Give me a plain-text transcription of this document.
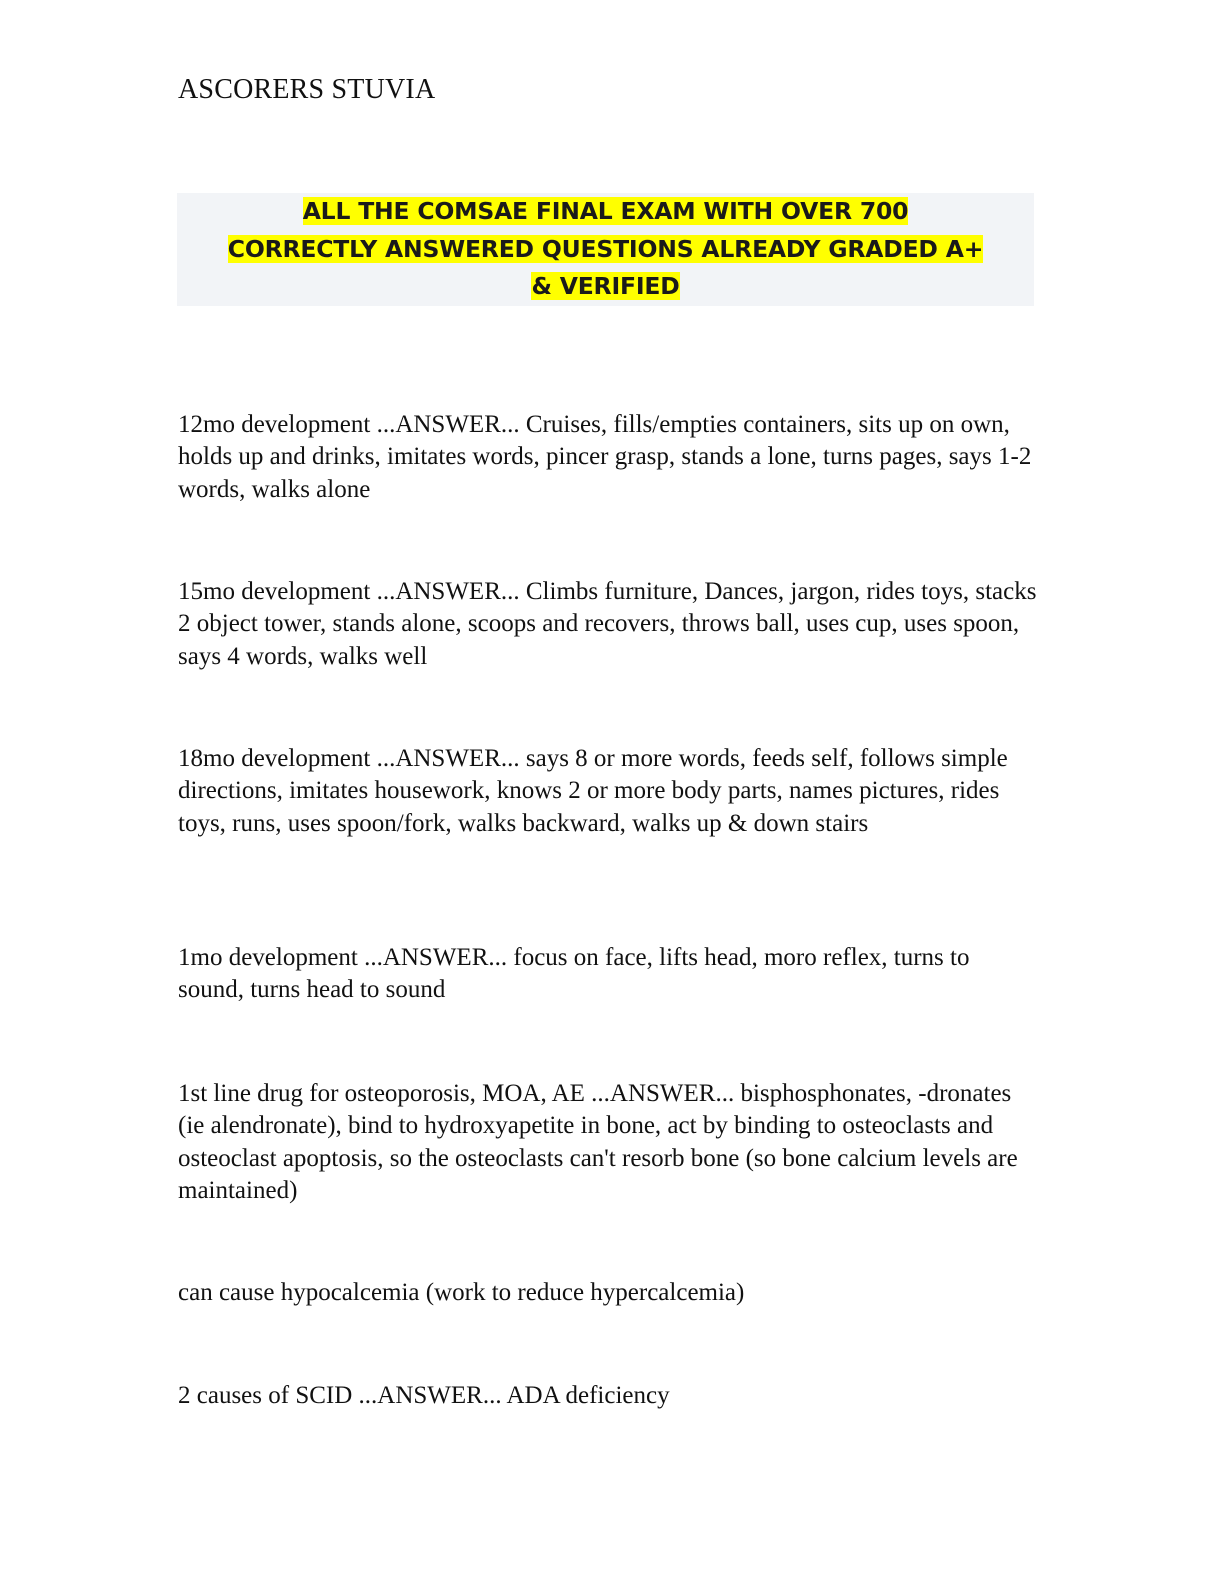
ASCORERS STUVIA
ALL THE COMSAE FINAL EXAM WITH OVER 700
CORRECTLY ANSWERED QUESTIONS ALREADY GRADED A+
& VERIFIED
12mo development ...ANSWER... Cruises, fills/empties containers, sits up on own, holds up and drinks, imitates words, pincer grasp, stands a lone, turns pages, says 1-2 words, walks alone
15mo development ...ANSWER... Climbs furniture, Dances, jargon, rides toys, stacks 2 object tower, stands alone, scoops and recovers, throws ball, uses cup, uses spoon, says 4 words, walks well
18mo development ...ANSWER... says 8 or more words, feeds self, follows simple directions, imitates housework, knows 2 or more body parts, names pictures, rides toys, runs, uses spoon/fork, walks backward, walks up & down stairs
1mo development ...ANSWER... focus on face, lifts head, moro reflex, turns to sound, turns head to sound
1st line drug for osteoporosis, MOA, AE ...ANSWER... bisphosphonates, -dronates (ie alendronate), bind to hydroxyapetite in bone, act by binding to osteoclasts and osteoclast apoptosis, so the osteoclasts can't resorb bone (so bone calcium levels are maintained)
can cause hypocalcemia (work to reduce hypercalcemia)
2 causes of SCID ...ANSWER... ADA deficiency
